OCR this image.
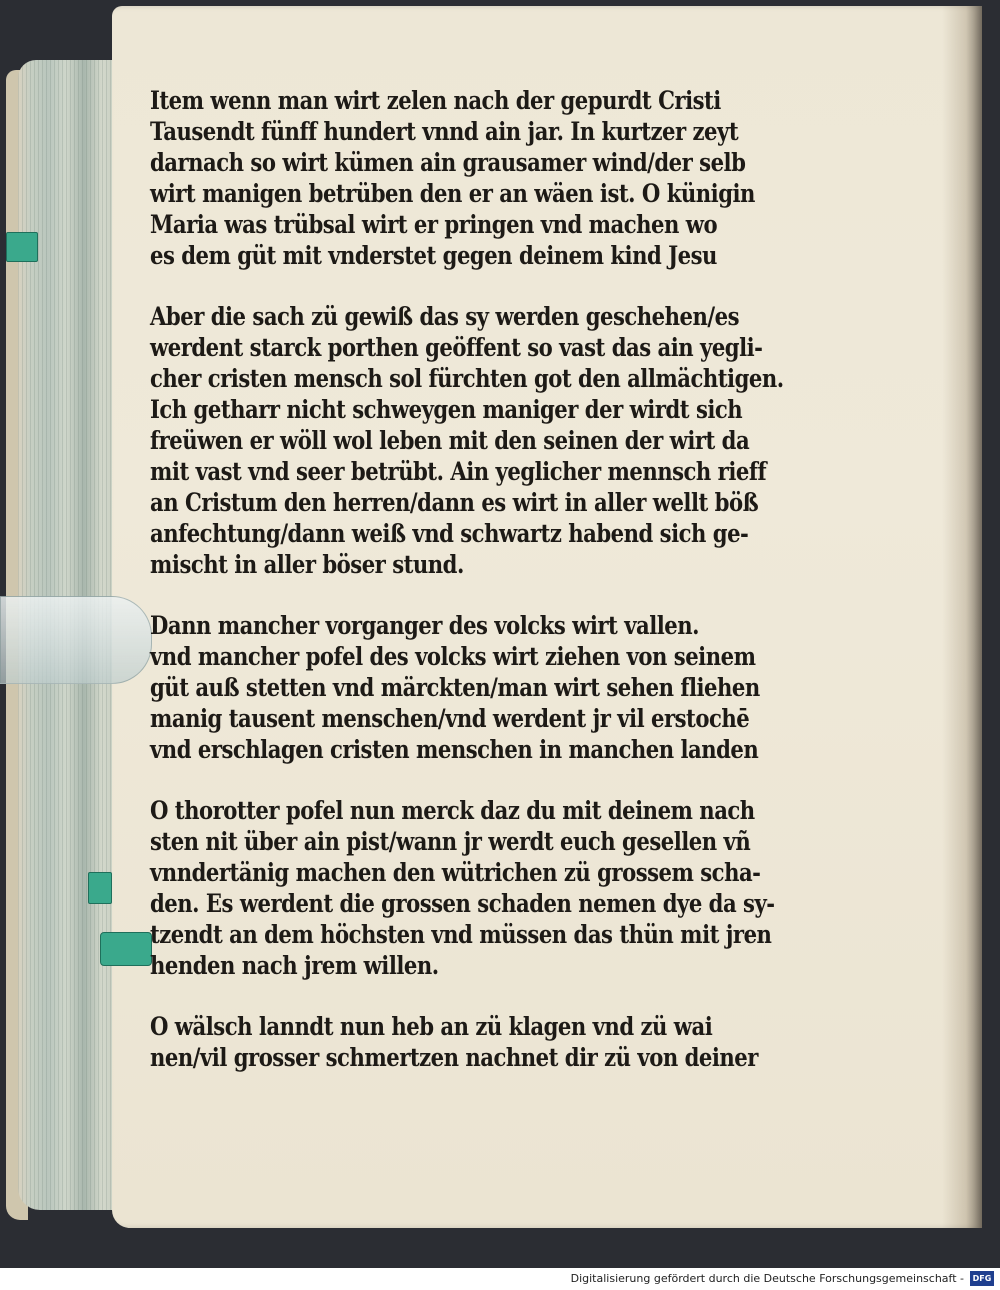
Item wenn man wirt zelen nach der gepurdt Cristi
Tausendt fünff hundert vnnd ain jar. In kurtzer zeyt
darnach so wirt kümen ain grausamer wind/der selb
wirt manigen betrüben den er an wäen ist. O künigin
Maria was trübsal wirt er pringen vnd machen wo
es dem güt mit vnderstet gegen deinem kind Jesu
Aber die sach zü gewiß das sy werden geschehen/es
werdent starck porthen geöffent so vast das ain yegli-
cher cristen mensch sol fürchten got den allmächtigen.
Ich getharr nicht schweygen maniger der wirdt sich
freüwen er wöll wol leben mit den seinen der wirt da
mit vast vnd seer betrübt. Ain yeglicher mennsch rieff
an Cristum den herren/dann es wirt in aller wellt böß
anfechtung/dann weiß vnd schwartz habend sich ge-
mischt in aller böser stund.
Dann mancher vorganger des volcks wirt vallen.
vnd mancher pofel des volcks wirt ziehen von seinem
güt auß stetten vnd märckten/man wirt sehen fliehen
manig tausent menschen/vnd werdent jr vil erstochē
vnd erschlagen cristen menschen in manchen landen
O thorotter pofel nun merck daz du mit deinem nach
sten nit über ain pist/wann jr werdt euch gesellen vñ
vnndertänig machen den wütrichen zü grossem scha-
den. Es werdent die grossen schaden nemen dye da sy-
tzendt an dem höchsten vnd müssen das thün mit jren
henden nach jrem willen.
O wälsch lanndt nun heb an zü klagen vnd zü wai
nen/vil grosser schmertzen nachnet dir zü von deiner
Digitalisierung gefördert durch die Deutsche Forschungsgemeinschaft -	DFG
